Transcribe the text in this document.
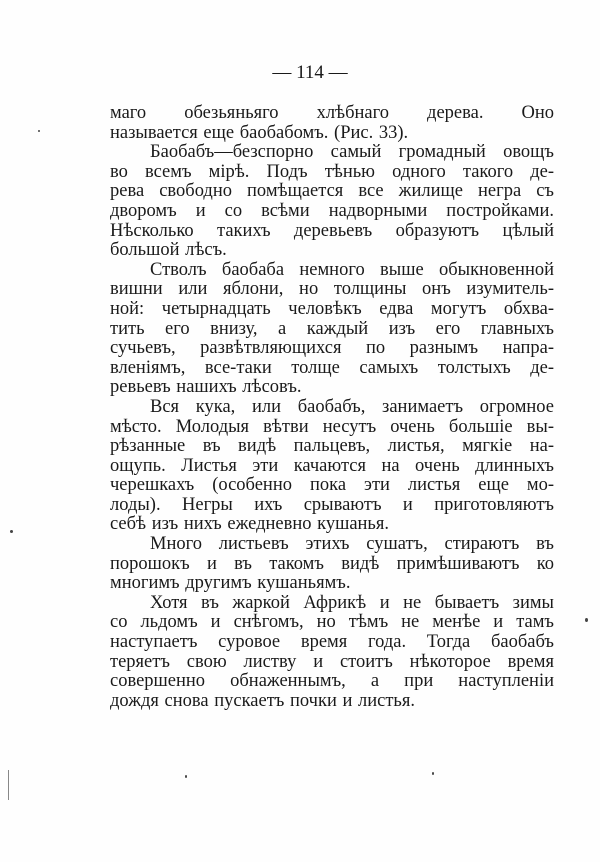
— 114 —
маго обезьяньяго хлѣбнаго дерева. Оно
называется еще баобабомъ. (Рис. 33).
Баобабъ—безспорно самый громадный овощъ
во всемъ мірѣ. Подъ тѣнью одного такого де-
рева свободно помѣщается все жилище негра съ
дворомъ и со всѣми надворными постройками.
Нѣсколько такихъ деревьевъ образуютъ цѣлый
большой лѣсъ.
Стволъ баобаба немного выше обыкновенной
вишни или яблони, но толщины онъ изумитель-
ной: четырнадцать человѣкъ едва могутъ обхва-
тить его внизу, а каждый изъ его главныхъ
сучьевъ, развѣтвляющихся по разнымъ напра-
вленіямъ, все-таки толще самыхъ толстыхъ де-
ревьевъ нашихъ лѣсовъ.
Вся кука, или баобабъ, занимаетъ огромное
мѣсто. Молодыя вѣтви несутъ очень большіе вы-
рѣзанные въ видѣ пальцевъ, листья, мягкіе на-
ощупь. Листья эти качаются на очень длинныхъ
черешкахъ (особенно пока эти листья еще мо-
лоды). Негры ихъ срываютъ и приготовляютъ
себѣ изъ нихъ ежедневно кушанья.
Много листьевъ этихъ сушатъ, стираютъ въ
порошокъ и въ такомъ видѣ примѣшиваютъ ко
многимъ другимъ кушаньямъ.
Хотя въ жаркой Африкѣ и не бываетъ зимы
со льдомъ и снѣгомъ, но тѣмъ не менѣе и тамъ
наступаетъ суровое время года. Тогда баобабъ
теряетъ свою листву и стоитъ нѣкоторое время
совершенно обнаженнымъ, а при наступленіи
дождя снова пускаетъ почки и листья.
